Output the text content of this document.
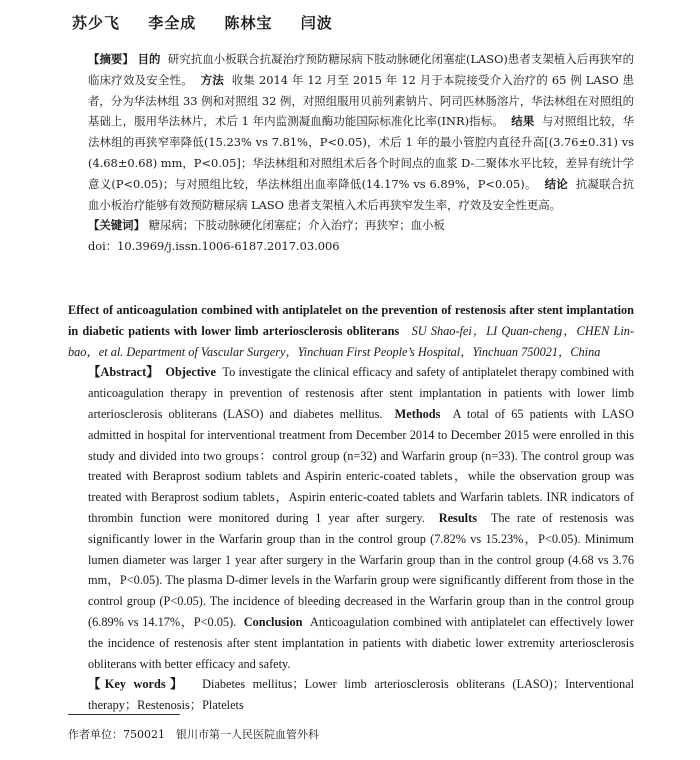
苏少飞 李全成 陈林宝 闫波

【摘要】 目的 研究抗血小板联合抗凝治疗预防糖尿病下肢动脉硬化闭塞症(LASO)患者支架植入后再狭窄的临床疗效及安全性。 方法 收集 2014 年 12 月至 2015 年 12 月于本院接受介入治疗的 65 例 LASO 患者，分为华法林组 33 例和对照组 32 例，对照组服用贝前列素钠片、阿司匹林肠溶片，华法林组在对照组的基础上，服用华法林片，术后 1 年内监测凝血酶功能国际标准化比率(INR)指标。 结果 与对照组比较，华法林组的再狭窄率降低(15.23% vs 7.81%，P<0.05)，术后 1 年的最小管腔内直径升高[(3.76±0.31) vs (4.68±0.68) mm，P<0.05]；华法林组和对照组术后各个时间点的血浆 D-二聚体水平比较，差异有统计学意义(P<0.05)；与对照组比较，华法林组出血率降低(14.17% vs 6.89%，P<0.05)。 结论 抗凝联合抗血小板治疗能够有效预防糖尿病 LASO 患者支架植入术后再狭窄发生率，疗效及安全性更高。

【关键词】 糖尿病；下肢动脉硬化闭塞症；介入治疗；再狭窄；血小板

doi：10.3969/j.issn.1006-6187.2017.03.006

Effect of anticoagulation combined with antiplatelet on the prevention of restenosis after stent implantation in diabetic patients with lower limb arteriosclerosis obliterans SU Shao-fei，LI Quan-cheng，CHEN Lin-bao，et al. Department of Vascular Surgery，Yinchuan First People’s Hospital，Yinchuan 750021，China

【Abstract】 Objective To investigate the clinical efficacy and safety of antiplatelet therapy combined with anticoagulation therapy in prevention of restenosis after stent implantation in patients with lower limb arteriosclerosis obliterans (LASO) and diabetes mellitus. Methods A total of 65 patients with LASO admitted in hospital for interventional treatment from December 2014 to December 2015 were enrolled in this study and divided into two groups：control group (n=32) and Warfarin group (n=33). The control group was treated with Beraprost sodium tablets and Aspirin enteric-coated tablets，while the observation group was treated with Beraprost sodium tablets，Aspirin enteric-coated tablets and Warfarin tablets. INR indicators of thrombin function were monitored during 1 year after surgery. Results The rate of restenosis was significantly lower in the Warfarin group than in the control group (7.82% vs 15.23%，P<0.05). Minimum lumen diameter was larger 1 year after surgery in the Warfarin group than in the control group (4.68 vs 3.76 mm，P<0.05). The plasma D-dimer levels in the Warfarin group were significantly different from those in the control group (P<0.05). The incidence of bleeding decreased in the Warfarin group than in the control group (6.89% vs 14.17%，P<0.05). Conclusion Anticoagulation combined with antiplatelet can effectively lower the incidence of restenosis after stent implantation in patients with diabetic lower extremity arteriosclerosis obliterans with better efficacy and safety.

【Key words】 Diabetes mellitus；Lower limb arteriosclerosis obliterans (LASO)；Interventional therapy；Restenosis；Platelets

作者单位：750021　银川市第一人民医院血管外科
